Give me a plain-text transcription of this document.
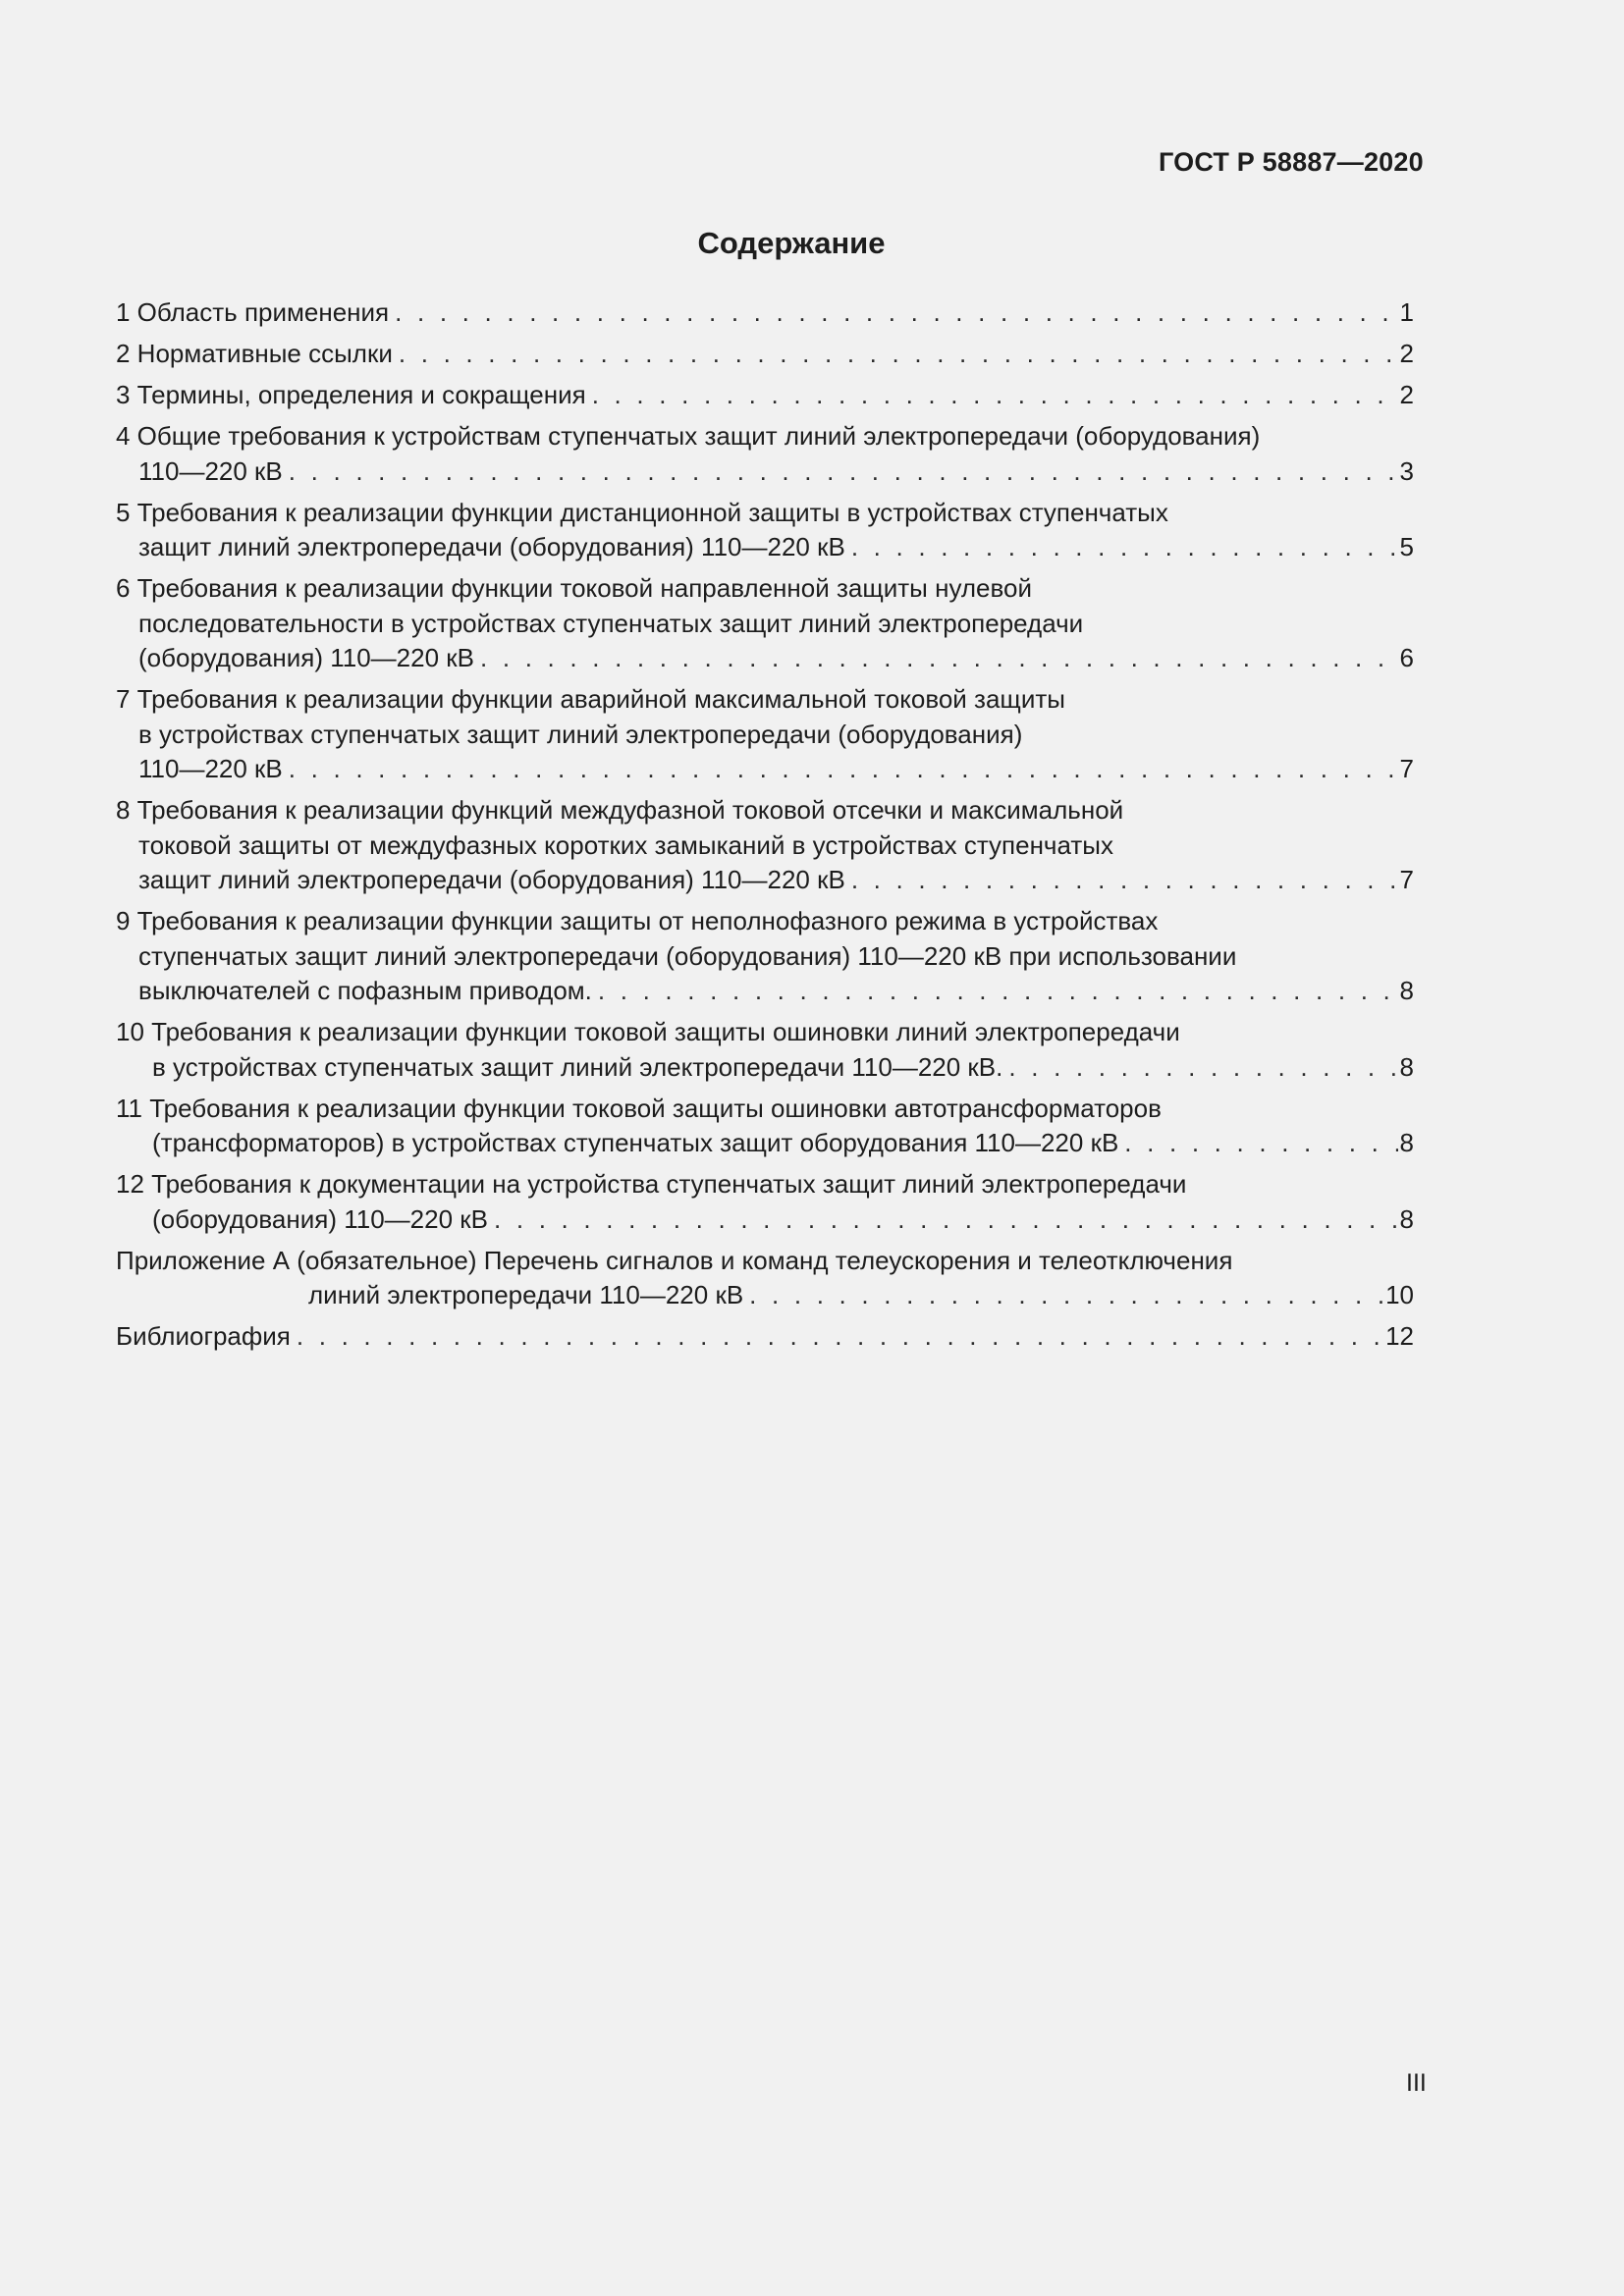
ГОСТ Р 58887—2020
Содержание
1 Область применения . . .	1
2 Нормативные ссылки . . .	2
3 Термины, определения и сокращения . . .	2
4 Общие требования к устройствам ступенчатых защит линий электропередачи (оборудования)
110—220 кВ . . .	3
5 Требования к реализации функции дистанционной защиты в устройствах ступенчатых
защит линий электропередачи (оборудования) 110—220 кВ . . .	5
6 Требования к реализации функции токовой направленной защиты нулевой
последовательности в устройствах ступенчатых защит линий электропередачи
(оборудования) 110—220 кВ . . .	6
7 Требования к реализации функции аварийной максимальной токовой защиты
в устройствах ступенчатых защит линий электропередачи (оборудования)
110—220 кВ . . .	7
8 Требования к реализации функций междуфазной токовой отсечки и максимальной
токовой защиты от междуфазных коротких замыканий в устройствах ступенчатых
защит линий электропередачи (оборудования) 110—220 кВ . . .	7
9 Требования к реализации функции защиты от неполнофазного режима в устройствах
ступенчатых защит линий электропередачи (оборудования) 110—220 кВ при использовании
выключателей с пофазным приводом. . . .	8
10 Требования к реализации функции токовой защиты ошиновки линий электропередачи
в устройствах ступенчатых защит линий электропередачи 110—220 кВ. . . .	8
11 Требования к реализации функции токовой защиты ошиновки автотрансформаторов
(трансформаторов) в устройствах ступенчатых защит оборудования 110—220 кВ . . .	8
12 Требования к документации на устройства ступенчатых защит линий электропередачи
(оборудования) 110—220 кВ . . .	8
Приложение А (обязательное) Перечень сигналов и команд телеускорения и телеотключения
линий электропередачи 110—220 кВ . . .	10
Библиография . . .	12
III
